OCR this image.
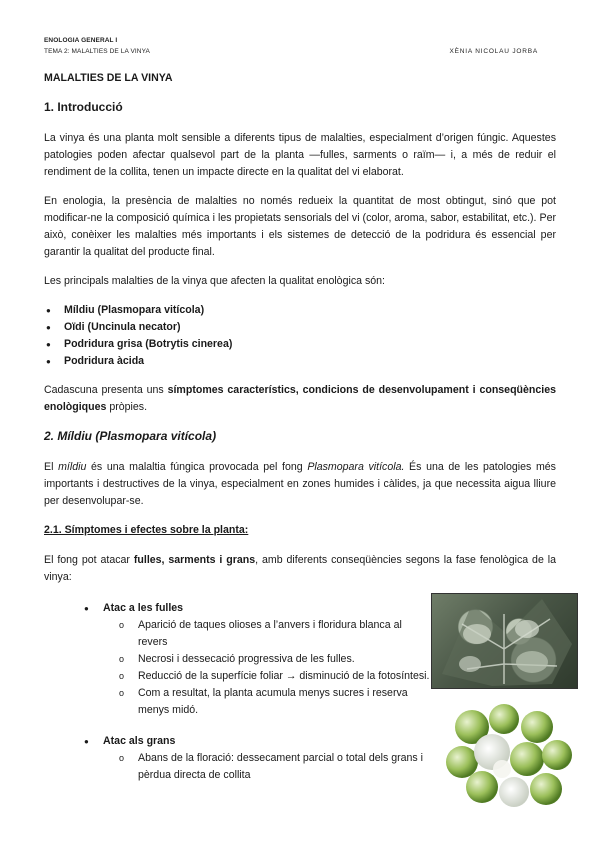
ENOLOGIA GENERAL I
TEMA 2: MALALTIES DE LA VINYA	XÈNIA NICOLAU JORBA
MALALTIES DE LA VINYA
1. Introducció

La vinya és una planta molt sensible a diferents tipus de malalties, especialment d’origen fúngic. Aquestes patologies poden afectar qualsevol part de la planta —fulles, sarments o raïm— i, a més de reduir el rendiment de la collita, tenen un impacte directe en la qualitat del vi elaborat.

En enologia, la presència de malalties no només redueix la quantitat de most obtingut, sinó que pot modificar-ne la composició química i les propietats sensorials del vi (color, aroma, sabor, estabilitat, etc.). Per això, conèixer les malalties més importants i els sistemes de detecció de la podridura és essencial per garantir la qualitat del producte final.

Les principals malalties de la vinya que afecten la qualitat enològica són:

● Míldiu (Plasmopara vitícola)
● Oïdi (Uncinula necator)
● Podridura grisa (Botrytis cinerea)
● Podridura àcida

Cadascuna presenta uns símptomes característics, condicions de desenvolupament i conseqüències enològiques pròpies.

2. Míldiu (Plasmopara vitícola)

El míldiu és una malaltia fúngica provocada pel fong Plasmopara vitícola. És una de les patologies més importants i destructives de la vinya, especialment en zones humides i càlides, ja que necessita aigua lliure per desenvolupar-se.

2.1. Símptomes i efectes sobre la planta:

El fong pot atacar fulles, sarments i grans, amb diferents conseqüències segons la fase fenològica de la vinya:

● Atac a les fulles
o Aparició de taques olioses a l’anvers i floridura blanca al revers
o Necrosi i dessecació progressiva de les fulles.
o Reducció de la superfície foliar → disminució de la fotosíntesi.
o Com a resultat, la planta acumula menys sucres i reserva menys midó.
● Atac als grans
o Abans de la floració: dessecament parcial o total dels grans i pèrdua directa de collita
